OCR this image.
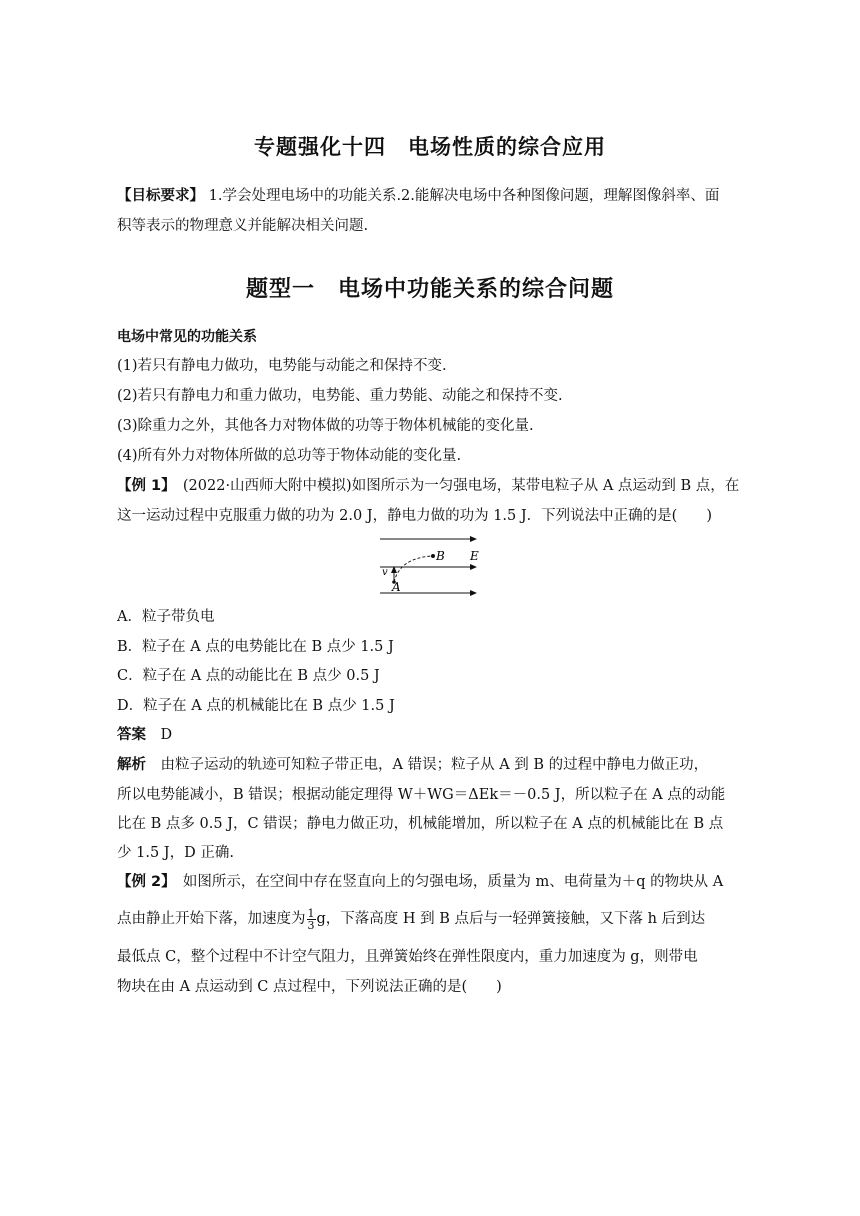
专题强化十四　电场性质的综合应用
【目标要求】 1.学会处理电场中的功能关系.2.能解决电场中各种图像问题，理解图像斜率、面
积等表示的物理意义并能解决相关问题.
题型一　电场中功能关系的综合问题
电场中常见的功能关系
(1)若只有静电力做功，电势能与动能之和保持不变.
(2)若只有静电力和重力做功，电势能、重力势能、动能之和保持不变.
(3)除重力之外，其他各力对物体做的功等于物体机械能的变化量.
(4)所有外力对物体所做的总功等于物体动能的变化量.
【例 1】　(2022·山西师大附中模拟)如图所示为一匀强电场，某带电粒子从 A 点运动到 B 点，在
这一运动过程中克服重力做的功为 2.0 J，静电力做的功为 1.5 J．下列说法中正确的是(　　)
B E
v
A
A．粒子带负电
B．粒子在 A 点的电势能比在 B 点少 1.5 J
C．粒子在 A 点的动能比在 B 点少 0.5 J
D．粒子在 A 点的机械能比在 B 点少 1.5 J
答案　D
解析　由粒子运动的轨迹可知粒子带正电，A 错误；粒子从 A 到 B 的过程中静电力做正功，
所以电势能减小，B 错误；根据动能定理得 W＋WG＝ΔEk＝－0.5 J，所以粒子在 A 点的动能
比在 B 点多 0.5 J，C 错误；静电力做正功，机械能增加，所以粒子在 A 点的机械能比在 B 点
少 1.5 J，D 正确.
【例 2】　如图所示，在空间中存在竖直向上的匀强电场，质量为 m、电荷量为＋q 的物块从 A
点由静止开始下落，加速度为 $\frac{1}{3}$ g，下落高度 H 到 B 点后与一轻弹簧接触，又下落 h 后到达
最低点 C，整个过程中不计空气阻力，且弹簧始终在弹性限度内，重力加速度为 g，则带电
物块在由 A 点运动到 C 点过程中，下列说法正确的是(　　)
